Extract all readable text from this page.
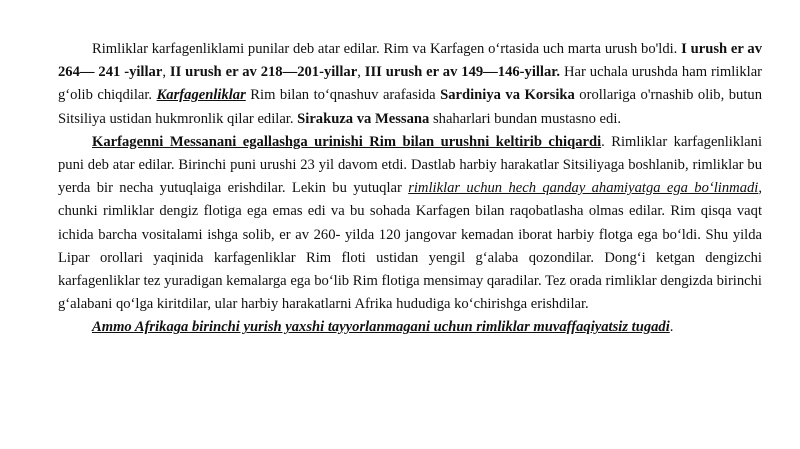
Rimliklar karfagenliklami punilar deb atar edilar. Rim va Karfagen o‘rtasida uch marta urush bo'ldi. I urush er av 264— 241 -yillar, II urush er av 218—201-yillar, III urush er av 149—146-yillar. Har uchala urushda ham rimliklar g‘olib chiqdilar. Karfagenliklar Rim bilan to‘qnashuv arafasida Sardiniya va Korsika orollariga o'rnashib olib, butun Sitsiliya ustidan hukmronlik qilar edilar. Sirakuza va Messana shaharlari bundan mustasno edi.

Karfagenni Messanani egallashga urinishi Rim bilan urushni keltirib chiqardi. Rimliklar karfagenliklani puni deb atar edilar. Birinchi puni urushi 23 yil davom etdi. Dastlab harbiy harakatlar Sitsiliyaga boshlanib, rimliklar bu yerda bir necha yutuqlaiga erishdilar. Lekin bu yutuqlar rimliklar uchun hech qanday ahamiyatga ega bo‘linmadi, chunki rimliklar dengiz flotiga ega emas edi va bu sohada Karfagen bilan raqobatlasha olmas edilar. Rim qisqa vaqt ichida barcha vositalami ishga solib, er av 260- yilda 120 jangovar kemadan iborat harbiy flotga ega bo‘ldi. Shu yilda Lipar orollari yaqinida karfagenliklar Rim floti ustidan yengil g‘alaba qozondilar. Dong‘i ketgan dengizchi karfagenliklar tez yuradigan kemalarga ega bo‘lib Rim flotiga mensimay qaradilar. Tez orada rimliklar dengizda birinchi g‘alabani qo‘lga kiritdilar, ular harbiy harakatlarni Afrika hududiga ko‘chirishga erishdilar.

Ammo Afrikaga birinchi yurish yaxshi tayyorlanmagani uchun rimliklar muvaffaqiyatsiz tugadi.
